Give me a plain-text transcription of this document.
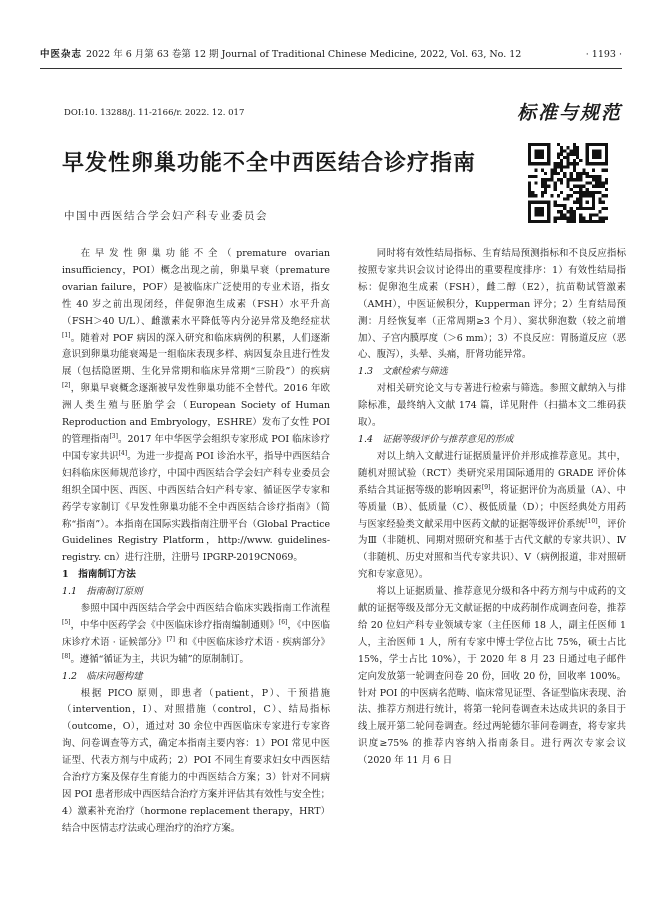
中医杂志 2022 年 6 月第 63 卷第 12 期 Journal of Traditional Chinese Medicine, 2022, Vol. 63, No. 12	· 1193 ·
DOI:10. 13288/j. 11-2166/r. 2022. 12. 017	标准与规范
早发性卵巢功能不全中西医结合诊疗指南
中国中西医结合学会妇产科专业委员会

在早发性卵巢功能不全（premature ovarian insufficiency，POI）概念出现之前，卵巢早衰（premature ovarian failure，POF）是被临床广泛使用的专业术语，指女性 40 岁之前出现闭经，伴促卵泡生成素（FSH）水平升高（FSH＞40 U/L）、雌激素水平降低等内分泌异常及绝经症状[1]。随着对 POF 病因的深入研究和临床病例的积累，人们逐渐意识到卵巢功能衰竭是一组临床表现多样、病因复杂且进行性发展（包括隐匿期、生化异常期和临床异常期“三阶段”）的疾病[2]，卵巢早衰概念逐渐被早发性卵巢功能不全替代。2016 年欧洲人类生殖与胚胎学会（European Society of Human Reproduction and Embryology，ESHRE）发布了女性 POI 的管理指南[3]。2017 年中华医学会组织专家形成 POI 临床诊疗中国专家共识[4]。为进一步提高 POI 诊治水平，指导中西医结合妇科临床医师规范诊疗，中国中西医结合学会妇产科专业委员会组织全国中医、西医、中西医结合妇产科专家、循证医学专家和药学专家制订《早发性卵巢功能不全中西医结合诊疗指南》（简称“指南”）。本指南在国际实践指南注册平台（Global Practice Guidelines Registry Platform，http://www. guidelines-registry. cn）进行注册，注册号 IPGRP-2019CN069。

1　指南制订方法
1.1　指南制订原则

参照中国中西医结合学会中西医结合临床实践指南工作流程[5]，中华中医药学会《中医临床诊疗指南编制通则》[6]，《中医临床诊疗术语 · 证候部分》[7] 和《中医临床诊疗术语 · 疾病部分》[8]。遵循“循证为主，共识为辅”的原制制订。

1.2　临床问题构建

根据 PICO 原则，即患者（patient，P）、干预措施（intervention，I）、对照措施（control，C）、结局指标（outcome，O），通过对 30 余位中西医临床专家进行专家咨询、问卷调查等方式，确定本指南主要内容：1）POI 常见中医证型、代表方剂与中成药；2）POI 不同生育要求妇女中西医结合治疗方案及保存生育能力的中西医结合方案；3）针对不同病因 POI 患者形成中西医结合治疗方案并评估其有效性与安全性；4）激素补充治疗（hormone replacement therapy，HRT）结合中医情志疗法或心理治疗的治疗方案。

同时将有效性结局指标、生育结局预测指标和不良反应指标按照专家共识会议讨论得出的重要程度排序：1）有效性结局指标：促卵泡生成素（FSH），雌二醇（E2），抗苗勒试管激素（AMH），中医证候积分，Kupperman 评分；2）生育结局预测：月经恢复率（正常周期≥3 个月）、窦状卵泡数（较之前增加）、子宫内膜厚度（＞6 mm）；3）不良反应：胃肠道反应（恶心、腹泻），头晕、头痛，肝肾功能异常。

1.3　文献检索与筛选

对相关研究论文与专著进行检索与筛选。参照文献纳入与排除标准，最终纳入文献 174 篇，详见附件（扫描本文二维码获取）。

1.4　证据等级评价与推荐意见的形成

对以上纳入文献进行证据质量评价并形成推荐意见。其中，随机对照试验（RCT）类研究采用国际通用的 GRADE 评价体系结合其证据等级的影响因素[9]，将证据评价为高质量（A）、中等质量（B）、低质量（C）、极低质量（D）；中医经典处方用药与医家经验类文献采用中医药文献的证据等级评价系统[10]，评价为Ⅲ（非随机、同期对照研究和基于古代文献的专家共识）、Ⅳ（非随机、历史对照和当代专家共识）、V（病例报道，非对照研究和专家意见）。

将以上证据质量、推荐意见分级和各中药方剂与中成药的文献的证据等级及部分无文献证据的中成药制作成调查问卷，推荐给 20 位妇产科专业领域专家（主任医师 18 人，副主任医师 1 人，主治医师 1 人，所有专家中博士学位占比 75%，硕士占比 15%，学士占比 10%），于 2020 年 8 月 23 日通过电子邮件定向发放第一轮调查问卷 20 份，回收 20 份，回收率 100%。针对 POI 的中医病名范畴、临床常见证型、各证型临床表现、治法、推荐方剂进行统计，将第一轮问卷调查未达成共识的条目于线上展开第二轮问卷调查。经过两轮德尔菲问卷调查，将专家共识度≥75% 的推荐内容纳入指南条目。进行两次专家会议（2020 年 11 月 6 日
